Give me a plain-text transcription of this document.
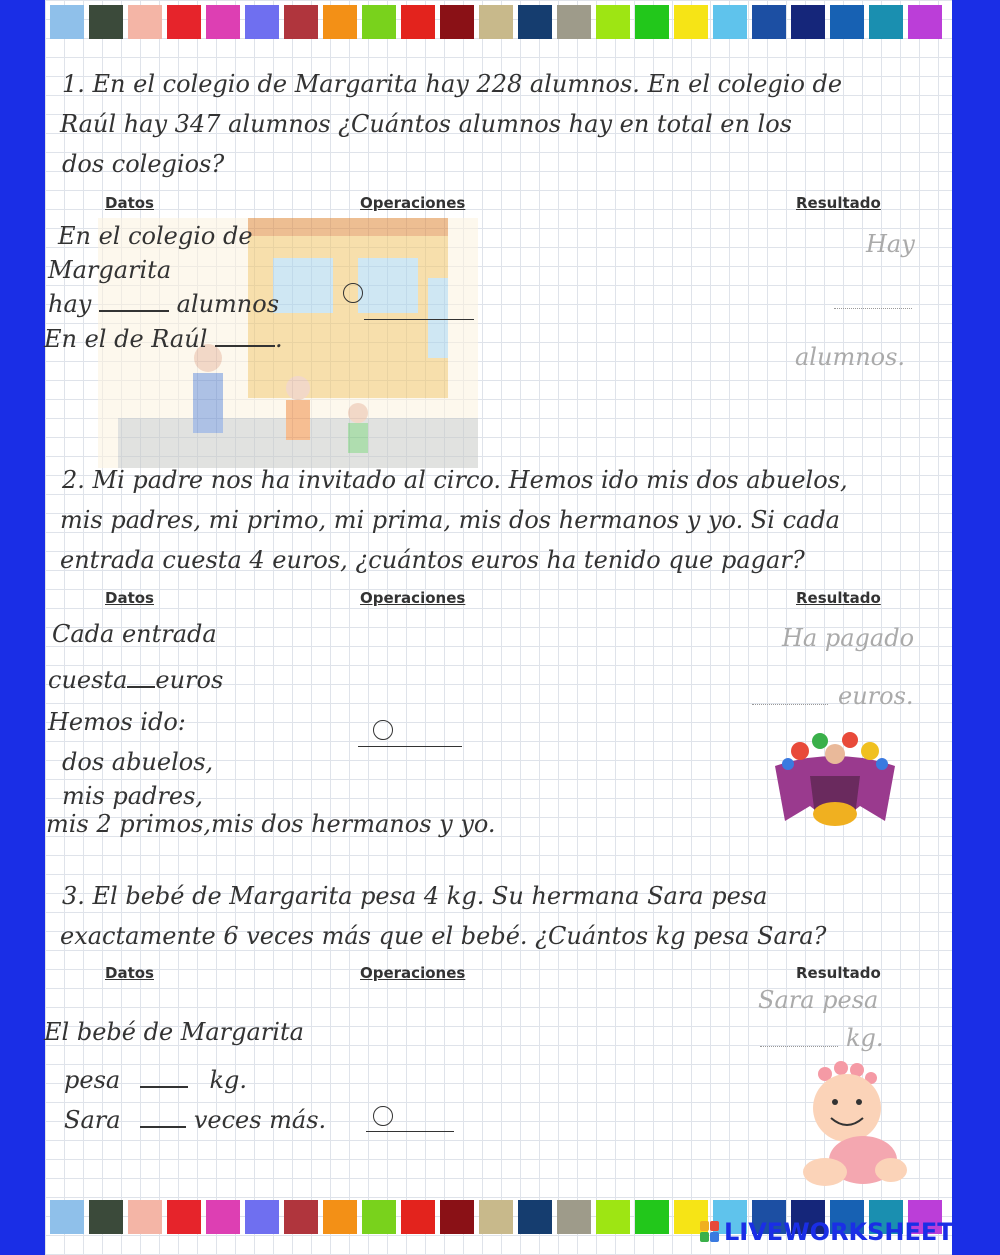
1. En el colegio de Margarita hay 228 alumnos. En el colegio de
Raúl hay 347 alumnos ¿Cuántos alumnos hay en total en los
dos colegios?
Datos	Operaciones	Resultado
En el colegio de
Margarita
hay	alumnos
En el de Raúl	.
Hay
alumnos.
2. Mi padre nos ha invitado al circo. Hemos ido mis dos abuelos,
mis padres, mi primo, mi prima, mis dos hermanos y yo. Si cada
entrada cuesta 4 euros, ¿cuántos euros ha tenido que pagar?
Datos	Operaciones	Resultado
Cada entrada
cuesta euros
Hemos ido:
dos abuelos,
mis padres,
mis 2 primos,mis dos hermanos y yo.
Ha pagado
euros.
3. El bebé de Margarita pesa 4 kg. Su hermana Sara pesa
exactamente 6 veces más que el bebé. ¿Cuántos kg pesa Sara?
Datos	Operaciones	Resultado
El bebé de Margarita
pesa	kg.
Sara	veces más.
Sara pesa
kg.
LIVEWORKSHEETS
